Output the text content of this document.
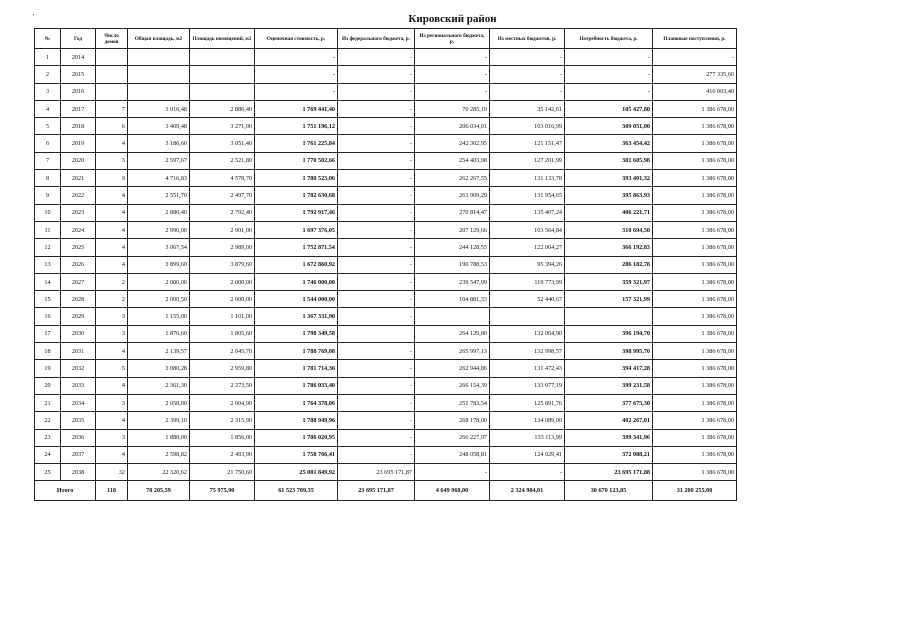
Кировский район
№	Год	Число домов	Общая площадь, м2	Площадь помещений, м2	Оценочная стоимость, р.	Из федерального бюджета, р.	Из регионального бюджета, р.	Из местных бюджетов, р.	Потребность бюджета, р.	Плановые поступления, р.
1	2014				-	-	-	-	-	-
2	2015				-	-	-	-	-	277 335,60
3	2016				-	-	-	-	-	416 003,40
4	2017	7	3 016,48	2 886,40	1 769 441,40	-	70 285,19	35 142,61	105 427,80	1 386 678,00
5	2018	6	3 409,48	3 271,00	1 751 196,12	-	206 034,01	103 016,99	309 051,00	1 386 678,00
6	2019	4	3 186,60	3 051,40	1 761 225,84	-	242 302,95	121 151,47	363 454,42	1 386 678,00
7	2020	3	2 597,67	2 521,80	1 770 502,66	-	254 403,98	127 201,99	381 605,98	1 386 678,00
8	2021	9	4 716,83	4 578,70	1 780 523,06	-	262 267,55	131 133,78	393 401,32	1 386 678,00
9	2022	4	2 551,70	2 497,70	1 782 630,68	-	263 909,29	131 954,65	395 863,93	1 386 678,00
10	2023	4	2 886,40	2 792,40	1 792 917,46	-	270 814,47	135 407,24	406 221,71	1 386 678,00
11	2024	4	2 996,00	2 901,00	1 697 376,05	-	207 129,66	103 564,84	310 694,50	1 386 678,00
12	2025	4	3 067,54	2 989,00	1 752 871,54	-	244 128,55	122 064,27	366 192,83	1 386 678,00
13	2026	4	3 899,60	3 879,60	1 672 860,92	-	190 788,53	95 394,26	286 182,78	1 386 678,00
14	2027	2	2 000,00	2 000,00	1 746 000,00	-	239 547,99	119 773,99	359 321,97	1 386 678,00
15	2028	2	2 000,50	2 000,00	1 544 000,00	-	104 881,33	52 440,67	157 321,99	1 386 678,00
16	2029	3	1 155,00	1 101,00	1 367 331,90	-				1 386 678,00
17	2030	3	1 876,60	1 805,60	1 798 349,58		264 129,80	132 064,90	396 194,70	1 386 678,00
18	2031	4	2 139,57	2 045,70	1 788 769,08	-	265 997,13	132 998,57	398 995,70	1 386 678,00
19	2032	5	3 080,28	2 959,80	1 781 714,36	-	262 944,86	131 472,43	394 417,28	1 386 678,00
20	2033	4	2 361,30	2 273,50	1 786 033,40	-	266 154,39	133 077,19	399 231,58	1 386 678,00
21	2034	3	2 058,00	2 004,90	1 764 378,06	-	251 783,54	125 891,76	377 675,30	1 386 678,00
22	2035	4	2 399,10	2 315,90	1 788 949,96	-	268 178,00	134 089,00	402 267,01	1 386 678,00
23	2036	3	1 888,00	1 856,00	1 786 020,95	-	266 227,97	133 113,99	399 341,96	1 386 678,00
24	2037	4	2 598,82	2 493,90	1 758 766,41	-	248 058,81	124 029,41	372 088,21	1 386 678,00
25	2038	32	22 320,62	21 750,60	25 081 849,92	23 695 171,87	-	-	23 695 171,88	1 386 678,00
Итого		118	78 205,59	75 975,90	61 523 709,35	23 695 171,87	4 649 968,00	2 324 984,01	30 670 123,85	31 200 255,00
